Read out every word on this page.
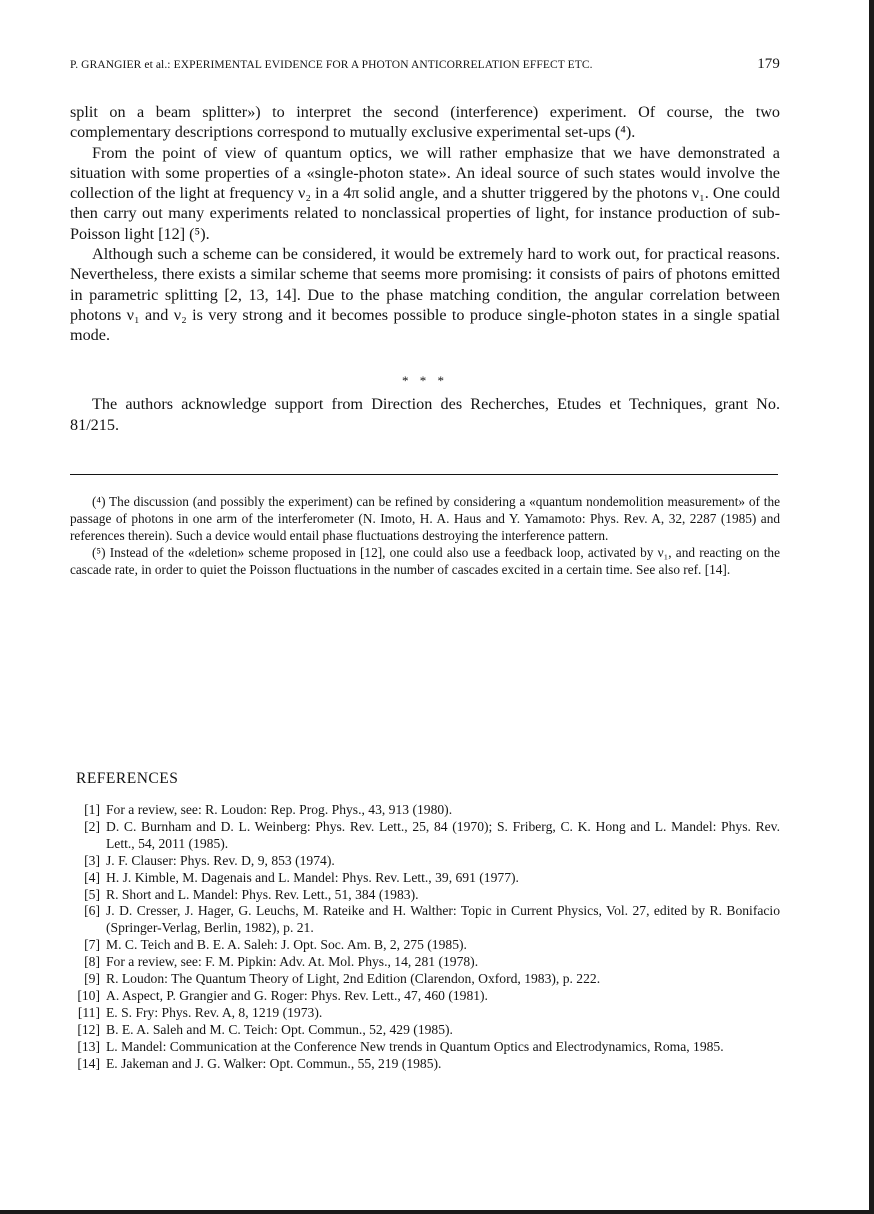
P. GRANGIER et al.: EXPERIMENTAL EVIDENCE FOR A PHOTON ANTICORRELATION EFFECT ETC.	179

split on a beam splitter») to interpret the second (interference) experiment. Of course, the two complementary descriptions correspond to mutually exclusive experimental set-ups (⁴).

From the point of view of quantum optics, we will rather emphasize that we have demonstrated a situation with some properties of a «single-photon state». An ideal source of such states would involve the collection of the light at frequency ν₂ in a 4π solid angle, and a shutter triggered by the photons ν₁. One could then carry out many experiments related to nonclassical properties of light, for instance production of sub-Poisson light [12] (⁵).

Although such a scheme can be considered, it would be extremely hard to work out, for practical reasons. Nevertheless, there exists a similar scheme that seems more promising: it consists of pairs of photons emitted in parametric splitting [2, 13, 14]. Due to the phase matching condition, the angular correlation between photons ν₁ and ν₂ is very strong and it becomes possible to produce single-photon states in a single spatial mode.

* * *

The authors acknowledge support from Direction des Recherches, Etudes et Techniques, grant No. 81/215.

(⁴) The discussion (and possibly the experiment) can be refined by considering a «quantum nondemolition measurement» of the passage of photons in one arm of the interferometer (N. Imoto, H. A. Haus and Y. Yamamoto: Phys. Rev. A, 32, 2287 (1985) and references therein). Such a device would entail phase fluctuations destroying the interference pattern.

(⁵) Instead of the «deletion» scheme proposed in [12], one could also use a feedback loop, activated by ν₁, and reacting on the cascade rate, in order to quiet the Poisson fluctuations in the number of cascades excited in a certain time. See also ref. [14].

REFERENCES
[1] For a review, see: R. Loudon: Rep. Prog. Phys., 43, 913 (1980).
[2] D. C. Burnham and D. L. Weinberg: Phys. Rev. Lett., 25, 84 (1970); S. Friberg, C. K. Hong and L. Mandel: Phys. Rev. Lett., 54, 2011 (1985).
[3] J. F. Clauser: Phys. Rev. D, 9, 853 (1974).
[4] H. J. Kimble, M. Dagenais and L. Mandel: Phys. Rev. Lett., 39, 691 (1977).
[5] R. Short and L. Mandel: Phys. Rev. Lett., 51, 384 (1983).
[6] J. D. Cresser, J. Hager, G. Leuchs, M. Rateike and H. Walther: Topic in Current Physics, Vol. 27, edited by R. Bonifacio (Springer-Verlag, Berlin, 1982), p. 21.
[7] M. C. Teich and B. E. A. Saleh: J. Opt. Soc. Am. B, 2, 275 (1985).
[8] For a review, see: F. M. Pipkin: Adv. At. Mol. Phys., 14, 281 (1978).
[9] R. Loudon: The Quantum Theory of Light, 2nd Edition (Clarendon, Oxford, 1983), p. 222.
[10] A. Aspect, P. Grangier and G. Roger: Phys. Rev. Lett., 47, 460 (1981).
[11] E. S. Fry: Phys. Rev. A, 8, 1219 (1973).
[12] B. E. A. Saleh and M. C. Teich: Opt. Commun., 52, 429 (1985).
[13] L. Mandel: Communication at the Conference New trends in Quantum Optics and Electrodynamics, Roma, 1985.
[14] E. Jakeman and J. G. Walker: Opt. Commun., 55, 219 (1985).
